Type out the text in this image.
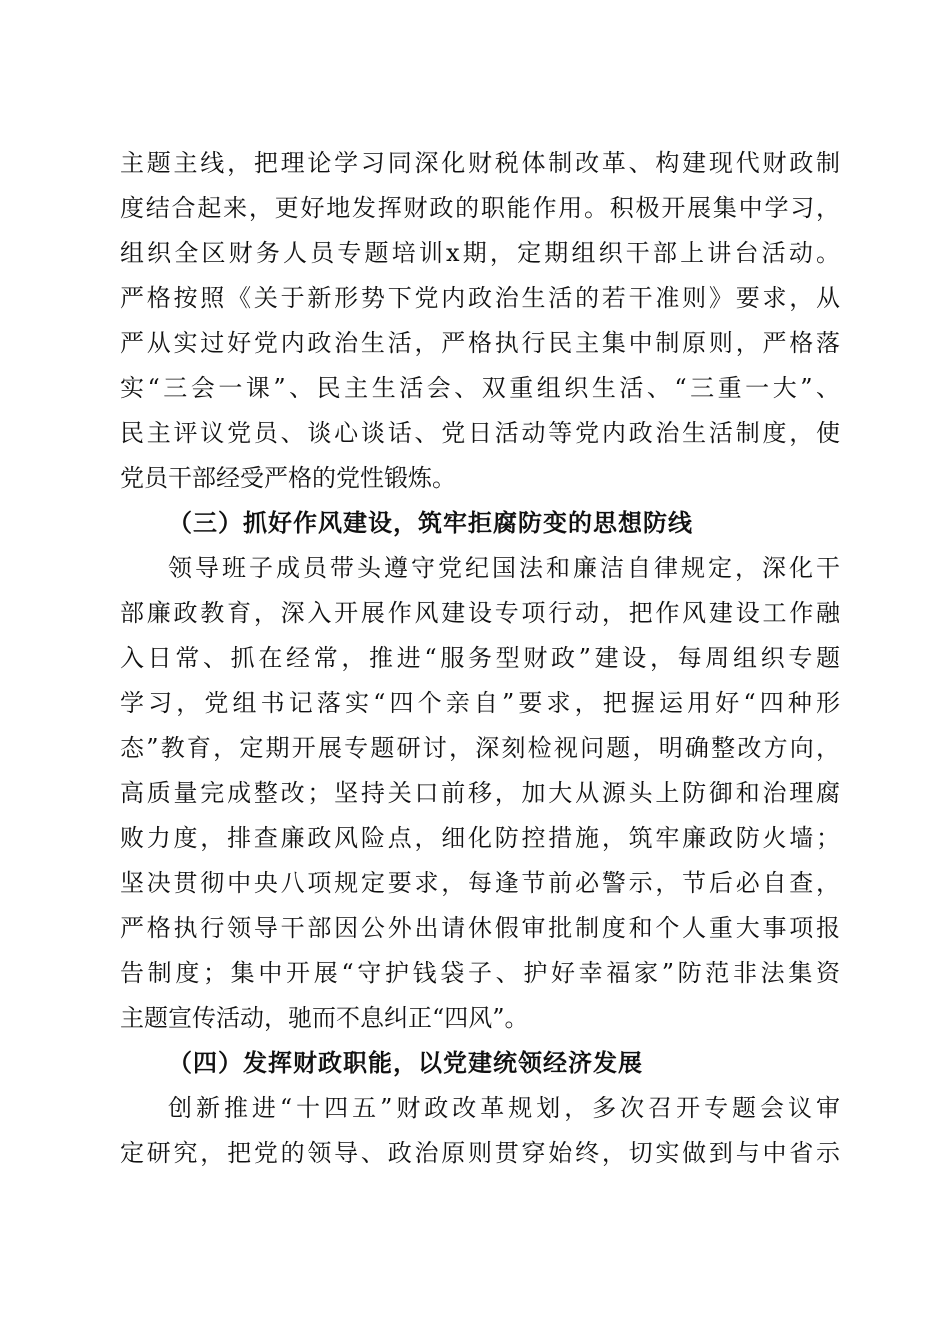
主题主线，把理论学习同深化财税体制改革、构建现代财政制

度结合起来，更好地发挥财政的职能作用。积极开展集中学习，

组织全区财务人员专题培训x期，定期组织干部上讲台活动。

严格按照《关于新形势下党内政治生活的若干准则》要求，从

严从实过好党内政治生活，严格执行民主集中制原则，严格落

实“三会一课”、民主生活会、双重组织生活、“三重一大”、

民主评议党员、谈心谈话、党日活动等党内政治生活制度，使

党员干部经受严格的党性锻炼。

（三）抓好作风建设，筑牢拒腐防变的思想防线

领导班子成员带头遵守党纪国法和廉洁自律规定，深化干

部廉政教育，深入开展作风建设专项行动，把作风建设工作融

入日常、抓在经常，推进“服务型财政”建设，每周组织专题

学习，党组书记落实“四个亲自”要求，把握运用好“四种形

态”教育，定期开展专题研讨，深刻检视问题，明确整改方向，

高质量完成整改；坚持关口前移，加大从源头上防御和治理腐

败力度，排查廉政风险点，细化防控措施，筑牢廉政防火墙；

坚决贯彻中央八项规定要求，每逢节前必警示，节后必自查，

严格执行领导干部因公外出请休假审批制度和个人重大事项报

告制度；集中开展“守护钱袋子、护好幸福家”防范非法集资

主题宣传活动，驰而不息纠正“四风”。

（四）发挥财政职能，以党建统领经济发展

创新推进“十四五”财政改革规划，多次召开专题会议审

定研究，把党的领导、政治原则贯穿始终，切实做到与中省示
